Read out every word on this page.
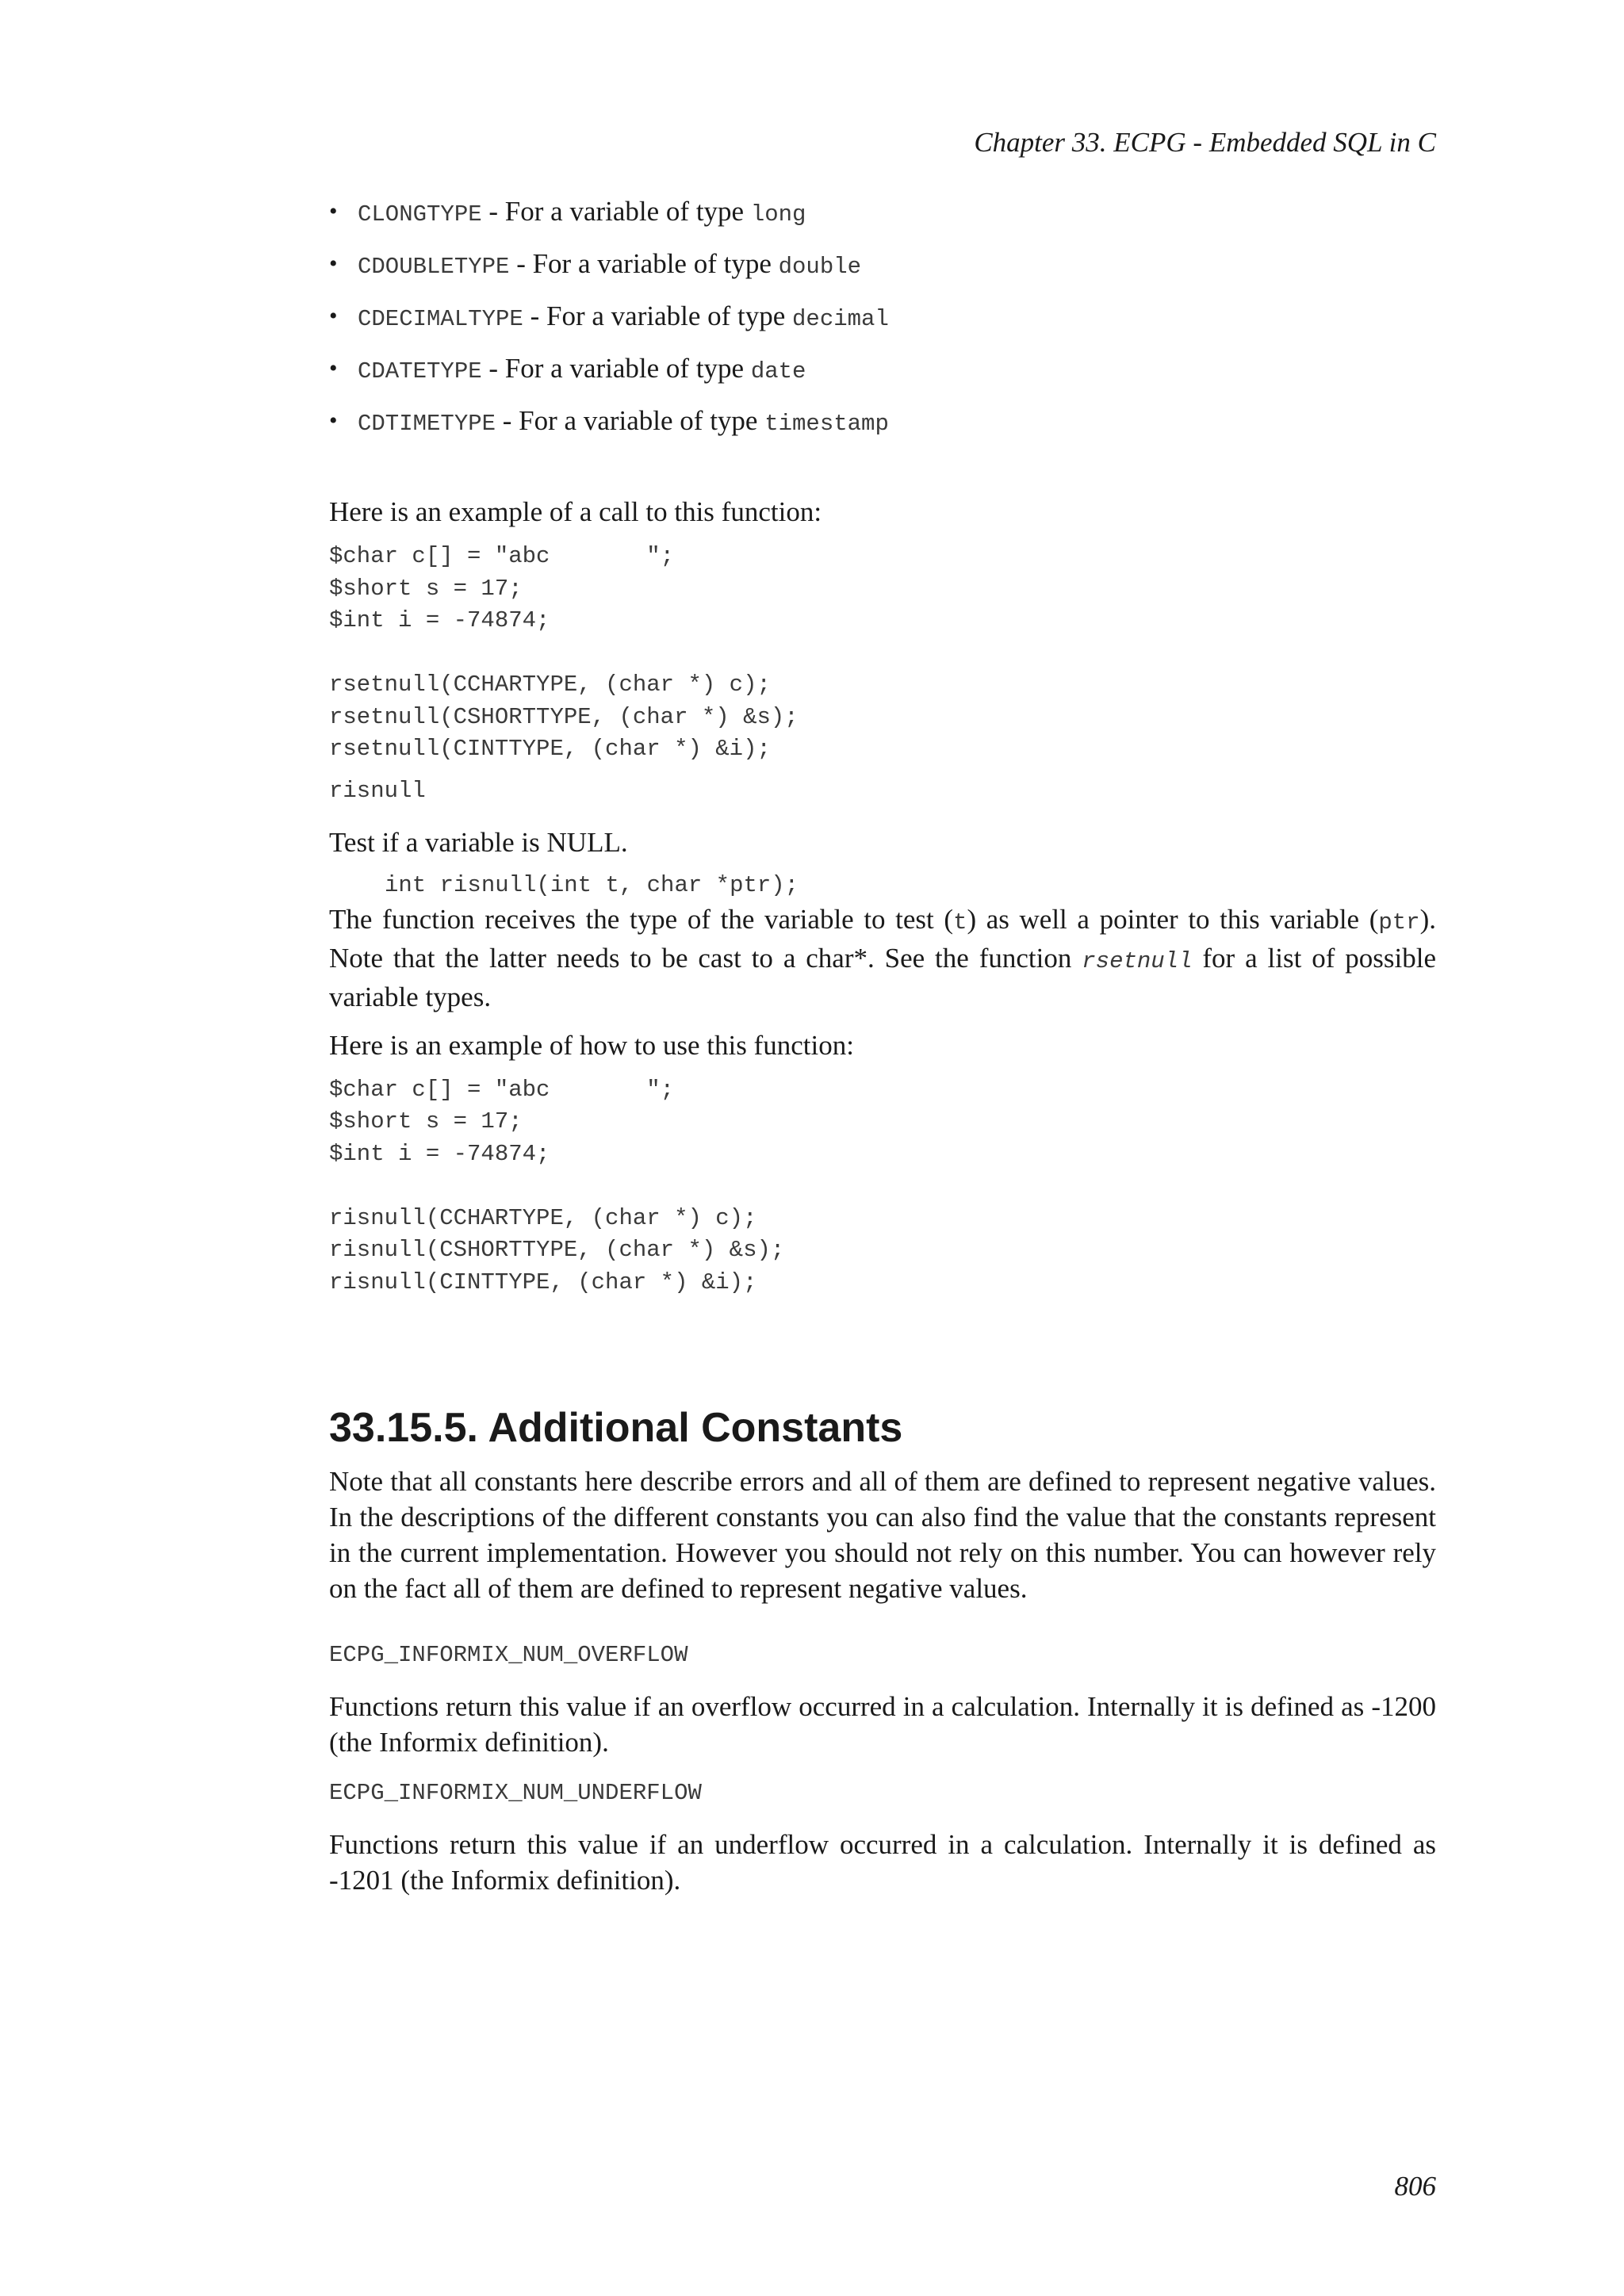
Chapter 33. ECPG - Embedded SQL in C
• CLONGTYPE - For a variable of type long
• CDOUBLETYPE - For a variable of type double
• CDECIMALTYPE - For a variable of type decimal
• CDATETYPE - For a variable of type date
• CDTIMETYPE - For a variable of type timestamp

Here is an example of a call to this function:

$char c[] = "abc       ";
$short s = 17;
$int i = -74874;

rsetnull(CCHARTYPE, (char *) c);
rsetnull(CSHORTTYPE, (char *) &s);
rsetnull(CINTTYPE, (char *) &i);
risnull

Test if a variable is NULL.

int risnull(int t, char *ptr);

The function receives the type of the variable to test (t) as well a pointer to this variable (ptr). Note that the latter needs to be cast to a char*. See the function rsetnull for a list of possible variable types.

Here is an example of how to use this function:

$char c[] = "abc       ";
$short s = 17;
$int i = -74874;

risnull(CCHARTYPE, (char *) c);
risnull(CSHORTTYPE, (char *) &s);
risnull(CINTTYPE, (char *) &i);
33.15.5. Additional Constants

Note that all constants here describe errors and all of them are defined to represent negative values. In the descriptions of the different constants you can also find the value that the constants represent in the current implementation. However you should not rely on this number. You can however rely on the fact all of them are defined to represent negative values.

ECPG_INFORMIX_NUM_OVERFLOW

Functions return this value if an overflow occurred in a calculation. Internally it is defined as -1200 (the Informix definition).

ECPG_INFORMIX_NUM_UNDERFLOW

Functions return this value if an underflow occurred in a calculation. Internally it is defined as -1201 (the Informix definition).

806
